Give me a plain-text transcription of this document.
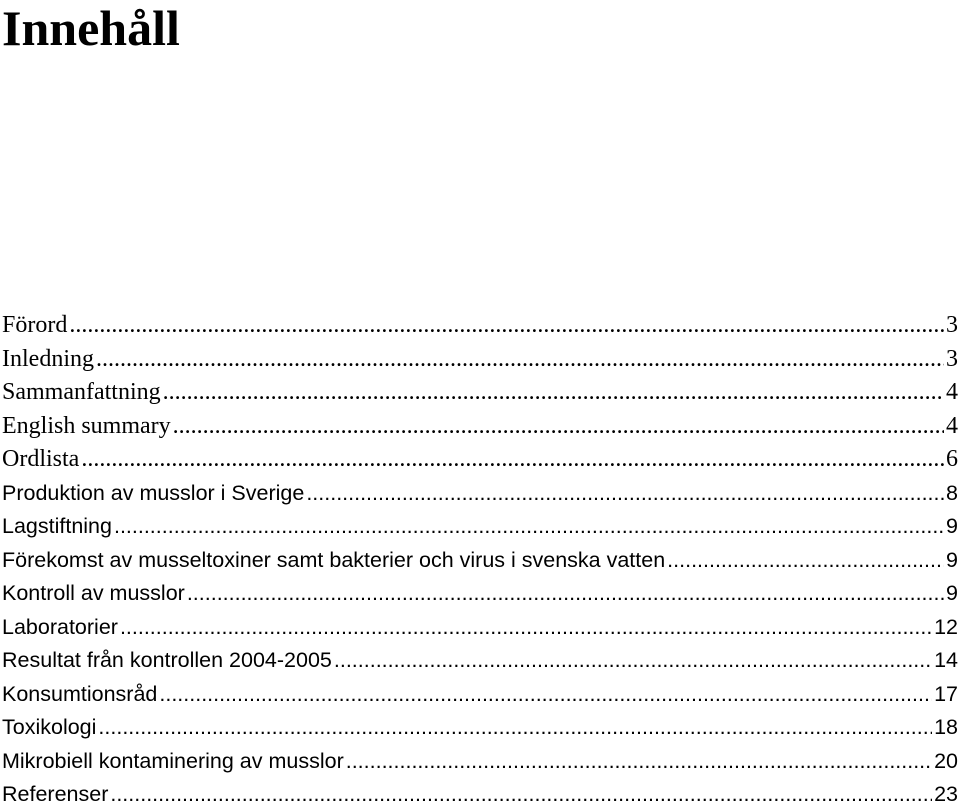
Innehåll
Förord .....	3
Inledning .....	3
Sammanfattning .....	4
English summary .....	4
Ordlista .....	6
Produktion av musslor i Sverige .....	8
Lagstiftning .....	9
Förekomst av musseltoxiner samt bakterier och virus i svenska vatten .....	9
Kontroll av musslor .....	9
Laboratorier .....	12
Resultat från kontrollen 2004-2005 .....	14
Konsumtionsråd .....	17
Toxikologi .....	18
Mikrobiell kontaminering av musslor .....	20
Referenser .....	23
